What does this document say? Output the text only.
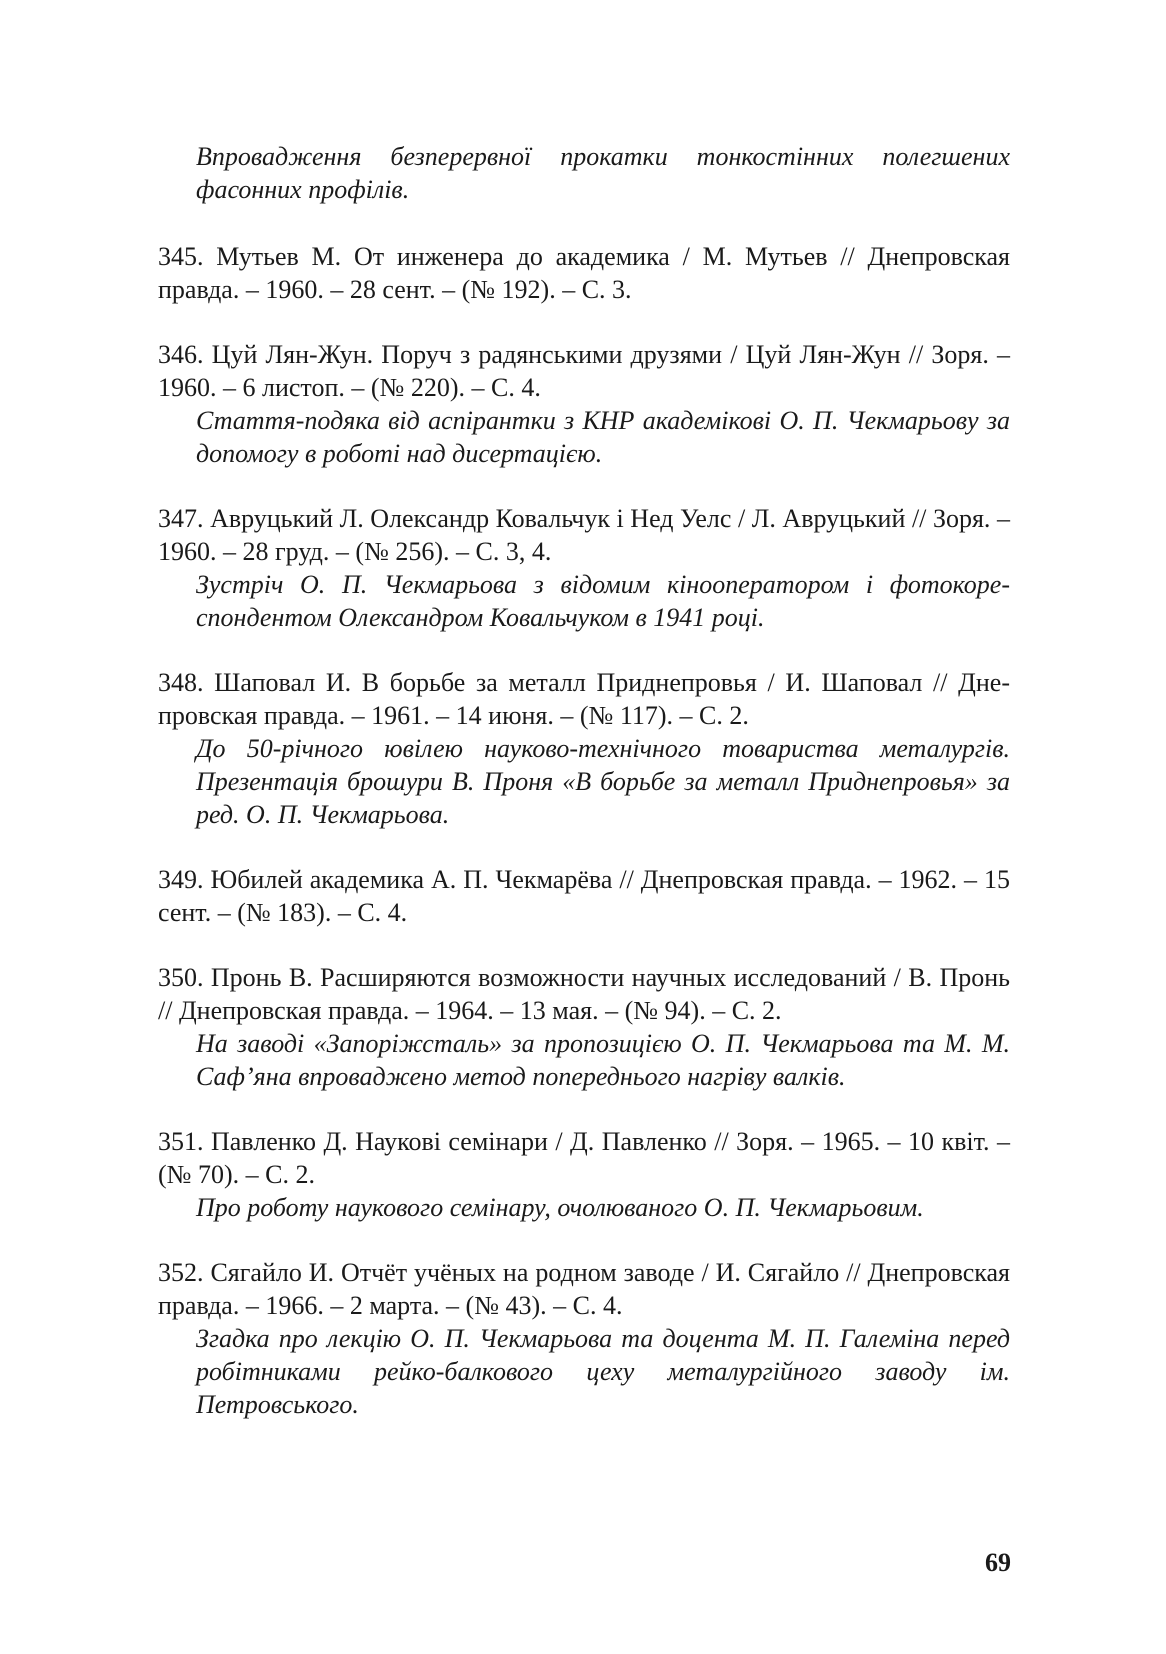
Впровадження безперервної прокатки тонкостінних полегшених фасонних профілів.
345. Мутьев М. От инженера до академика / М. Мутьев // Днепровская правда. – 1960. – 28 сент. – (№ 192). – С. 3.
346. Цуй Лян-Жун. Поруч з радянськими друзями / Цуй Лян-Жун // Зоря. – 1960. – 6 листоп. – (№ 220). – С. 4.
Стаття-подяка від аспірантки з КНР академікові О. П. Чекмарьову за допомогу в роботі над дисертацією.
347. Авруцький Л. Олександр Ковальчук і Нед Уелс / Л. Авруцький // Зоря. – 1960. – 28 груд. – (№ 256). – С. 3, 4.
Зустріч О. П. Чекмарьова з відомим кінооператором і фотокореспондентом Олександром Ковальчуком в 1941 році.
348. Шаповал И. В борьбе за металл Приднепровья / И. Шаповал // Днепровская правда. – 1961. – 14 июня. – (№ 117). – С. 2.
До 50-річного ювілею науково-технічного товариства металургів. Презентація брошури В. Проня «В борьбе за металл Приднепровья» за ред. О. П. Чекмарьова.
349. Юбилей академика А. П. Чекмарёва // Днепровская правда. – 1962. – 15 сент. – (№ 183). – С. 4.
350. Пронь В. Расширяются возможности научных исследований / В. Пронь // Днепровская правда. – 1964. – 13 мая. – (№ 94). – С. 2.
На заводі «Запоріжсталь» за пропозицією О. П. Чекмарьова та М. М. Саф’яна впроваджено метод попереднього нагріву валків.
351. Павленко Д. Наукові семінари / Д. Павленко // Зоря. – 1965. – 10 квіт. – (№ 70). – С. 2.
Про роботу наукового семінару, очолюваного О. П. Чекмарьовим.
352. Сягайло И. Отчёт учёных на родном заводе / И. Сягайло // Днепровская правда. – 1966. – 2 марта. – (№ 43). – С. 4.
Згадка про лекцію О. П. Чекмарьова та доцента М. П. Галеміна перед робітниками рейко-балкового цеху металургійного заводу ім. Петровського.
69
